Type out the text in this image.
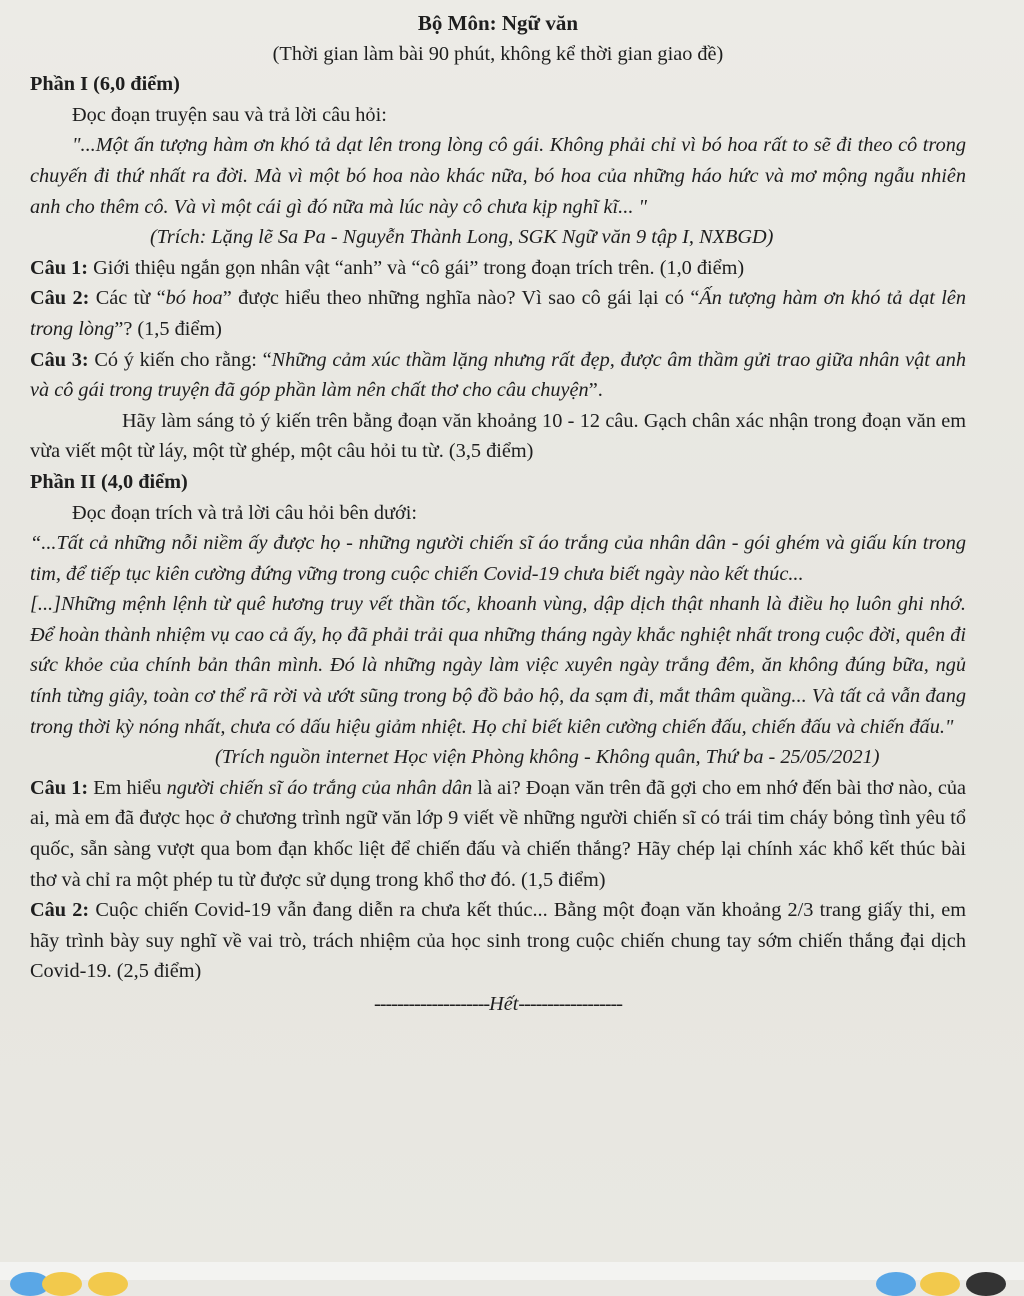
Bộ Môn: Ngữ văn

(Thời gian làm bài 90 phút, không kể thời gian giao đề)

Phần I (6,0 điểm)

Đọc đoạn truyện sau và trả lời câu hỏi:

"...Một ấn tượng hàm ơn khó tả dạt lên trong lòng cô gái. Không phải chỉ vì bó hoa rất to sẽ đi theo cô trong chuyến đi thứ nhất ra đời. Mà vì một bó hoa nào khác nữa, bó hoa của những háo hức và mơ mộng ngẫu nhiên anh cho thêm cô. Và vì một cái gì đó nữa mà lúc này cô chưa kịp nghĩ kĩ... "

(Trích: Lặng lẽ Sa Pa - Nguyễn Thành Long, SGK Ngữ văn 9 tập I, NXBGD)

Câu 1: Giới thiệu ngắn gọn nhân vật “anh” và “cô gái” trong đoạn trích trên. (1,0 điểm)

Câu 2: Các từ “bó hoa” được hiểu theo những nghĩa nào? Vì sao cô gái lại có “Ấn tượng hàm ơn khó tả dạt lên trong lòng”? (1,5 điểm)

Câu 3: Có ý kiến cho rằng: “Những cảm xúc thầm lặng nhưng rất đẹp, được âm thầm gửi trao giữa nhân vật anh và cô gái trong truyện đã góp phần làm nên chất thơ cho câu chuyện”.

Hãy làm sáng tỏ ý kiến trên bằng đoạn văn khoảng 10 - 12 câu. Gạch chân xác nhận trong đoạn văn em vừa viết một từ láy, một từ ghép, một câu hỏi tu từ. (3,5 điểm)

Phần II (4,0 điểm)

Đọc đoạn trích và trả lời câu hỏi bên dưới:

“...Tất cả những nỗi niềm ấy được họ - những người chiến sĩ áo trắng của nhân dân - gói ghém và giấu kín trong tim, để tiếp tục kiên cường đứng vững trong cuộc chiến Covid-19 chưa biết ngày nào kết thúc...

[...]Những mệnh lệnh từ quê hương truy vết thần tốc, khoanh vùng, dập dịch thật nhanh là điều họ luôn ghi nhớ. Để hoàn thành nhiệm vụ cao cả ấy, họ đã phải trải qua những tháng ngày khắc nghiệt nhất trong cuộc đời, quên đi sức khỏe của chính bản thân mình. Đó là những ngày làm việc xuyên ngày trắng đêm, ăn không đúng bữa, ngủ tính từng giây, toàn cơ thể rã rời và ướt sũng trong bộ đồ bảo hộ, da sạm đi, mắt thâm quầng... Và tất cả vẫn đang trong thời kỳ nóng nhất, chưa có dấu hiệu giảm nhiệt. Họ chỉ biết kiên cường chiến đấu, chiến đấu và chiến đấu."

(Trích nguồn internet Học viện Phòng không - Không quân, Thứ ba - 25/05/2021)

Câu 1: Em hiểu người chiến sĩ áo trắng của nhân dân là ai? Đoạn văn trên đã gợi cho em nhớ đến bài thơ nào, của ai, mà em đã được học ở chương trình ngữ văn lớp 9 viết về những người chiến sĩ có trái tim cháy bỏng tình yêu tổ quốc, sẵn sàng vượt qua bom đạn khốc liệt để chiến đấu và chiến thắng? Hãy chép lại chính xác khổ kết thúc bài thơ và chỉ ra một phép tu từ được sử dụng trong khổ thơ đó. (1,5 điểm)

Câu 2: Cuộc chiến Covid-19 vẫn đang diễn ra chưa kết thúc... Bằng một đoạn văn khoảng 2/3 trang giấy thi, em hãy trình bày suy nghĩ về vai trò, trách nhiệm của học sinh trong cuộc chiến chung tay sớm chiến thắng đại dịch Covid-19. (2,5 điểm)

--------------------Hết------------------
